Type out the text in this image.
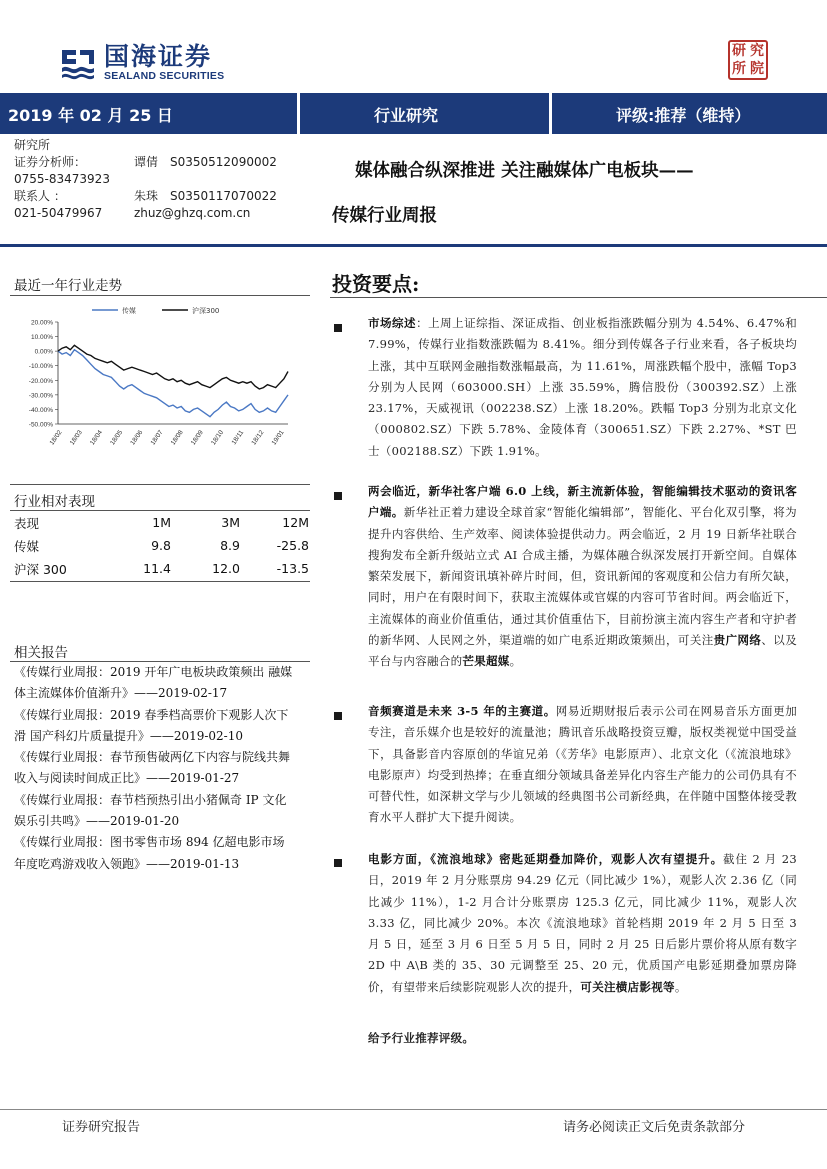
国海证券
SEALAND SECURITIES
研 究
所 院
2019 年 02 月 25 日	行业研究	评级:推荐（维持）
研究所
证券分析师：	谭倩 S0350512090002
0755-83473923
联系人 ：	朱珠 S0350117070022
021-50479967	zhuz@ghzq.com.cn
媒体融合纵深推进 关注融媒体广电板块——
传媒行业周报
最近一年行业走势
20.00%
10.00%
0.00%
-10.00%
-20.00%
-30.00%
-40.00%
-50.00%
18/02 18/03 18/04 18/05 18/06 18/07 18/08 18/09 18/10 18/11 18/12 19/01
传媒	沪深300
行业相对表现
表现	1M	3M	12M
传媒	9.8	8.9	-25.8
沪深 300	11.4	12.0	-13.5
相关报告
《传媒行业周报：2019 开年广电板块政策频出 融媒
体主流媒体价值渐升》——2019-02-17
《传媒行业周报：2019 春季档高票价下观影人次下
滑 国产科幻片质量提升》——2019-02-10
《传媒行业周报：春节预售破两亿下内容与院线共舞
收入与阅读时间成正比》——2019-01-27
《传媒行业周报：春节档预热引出小猪佩奇 IP 文化
娱乐引共鸣》——2019-01-20
《传媒行业周报：图书零售市场 894 亿超电影市场
年度吃鸡游戏收入领跑》——2019-01-13
投资要点:
市场综述：上周上证综指、深证成指、创业板指涨跌幅分别为 4.54%、6.47%和 7.99%，传媒行业指数涨跌幅为 8.41%。细分到传媒各子行业来看，各子板块均上涨，其中互联网金融指数涨幅最高，为 11.61%，周涨跌幅个股中，涨幅 Top3 分别为人民网（603000.SH）上涨 35.59%，腾信股份（300392.SZ）上涨 23.17%，天威视讯（002238.SZ）上涨 18.20%。跌幅 Top3 分别为北京文化（000802.SZ）下跌 5.78%、金陵体育（300651.SZ）下跌 2.27%、*ST 巴士（002188.SZ）下跌 1.91%。
两会临近，新华社客户端 6.0 上线，新主流新体验，智能编辑技术驱动的资讯客户端。新华社正着力建设全球首家“智能化编辑部”，智能化、平台化双引擎，将为提升内容供给、生产效率、阅读体验提供动力。两会临近，2 月 19 日新华社联合搜狗发布全新升级站立式 AI 合成主播，为媒体融合纵深发展打开新空间。自媒体繁荣发展下，新闻资讯填补碎片时间，但，资讯新闻的客观度和公信力有所欠缺，同时，用户在有限时间下，获取主流媒体或官媒的内容可节省时间。两会临近下，主流媒体的商业价值重估，通过其价值重估下，目前扮演主流内容生产者和守护者的新华网、人民网之外，渠道端的如广电系近期政策频出，可关注贵广网络、以及平台与内容融合的芒果超媒。
音频赛道是未来 3-5 年的主赛道。网易近期财报后表示公司在网易音乐方面更加专注，音乐媒介也是较好的流量池；腾讯音乐战略投资豆瓣，版权类视觉中国受益下，具备影音内容原创的华谊兄弟（《芳华》电影原声）、北京文化（《流浪地球》电影原声）均受到热捧；在垂直细分领域具备差异化内容生产能力的公司仍具有不可替代性，如深耕文学与少儿领域的经典图书公司新经典，在伴随中国整体接受教育水平人群扩大下提升阅读。
电影方面，《流浪地球》密匙延期叠加降价，观影人次有望提升。截住 2 月 23 日，2019 年 2 月分账票房 94.29 亿元（同比减少 1%），观影人次 2.36 亿（同比减少 11%），1-2 月合计分账票房 125.3 亿元，同比减少 11%，观影人次 3.33 亿，同比减少 20%。本次《流浪地球》首轮档期 2019 年 2 月 5 日至 3 月 5 日，延至 3 月 6 日至 5 月 5 日，同时 2 月 25 日后影片票价将从原有数字 2D 中 A\B 类的 35、30 元调整至 25、20 元，优质国产电影延期叠加票房降价，有望带来后续影院观影人次的提升，可关注横店影视等。
给予行业推荐评级。
证券研究报告	请务必阅读正文后免责条款部分
